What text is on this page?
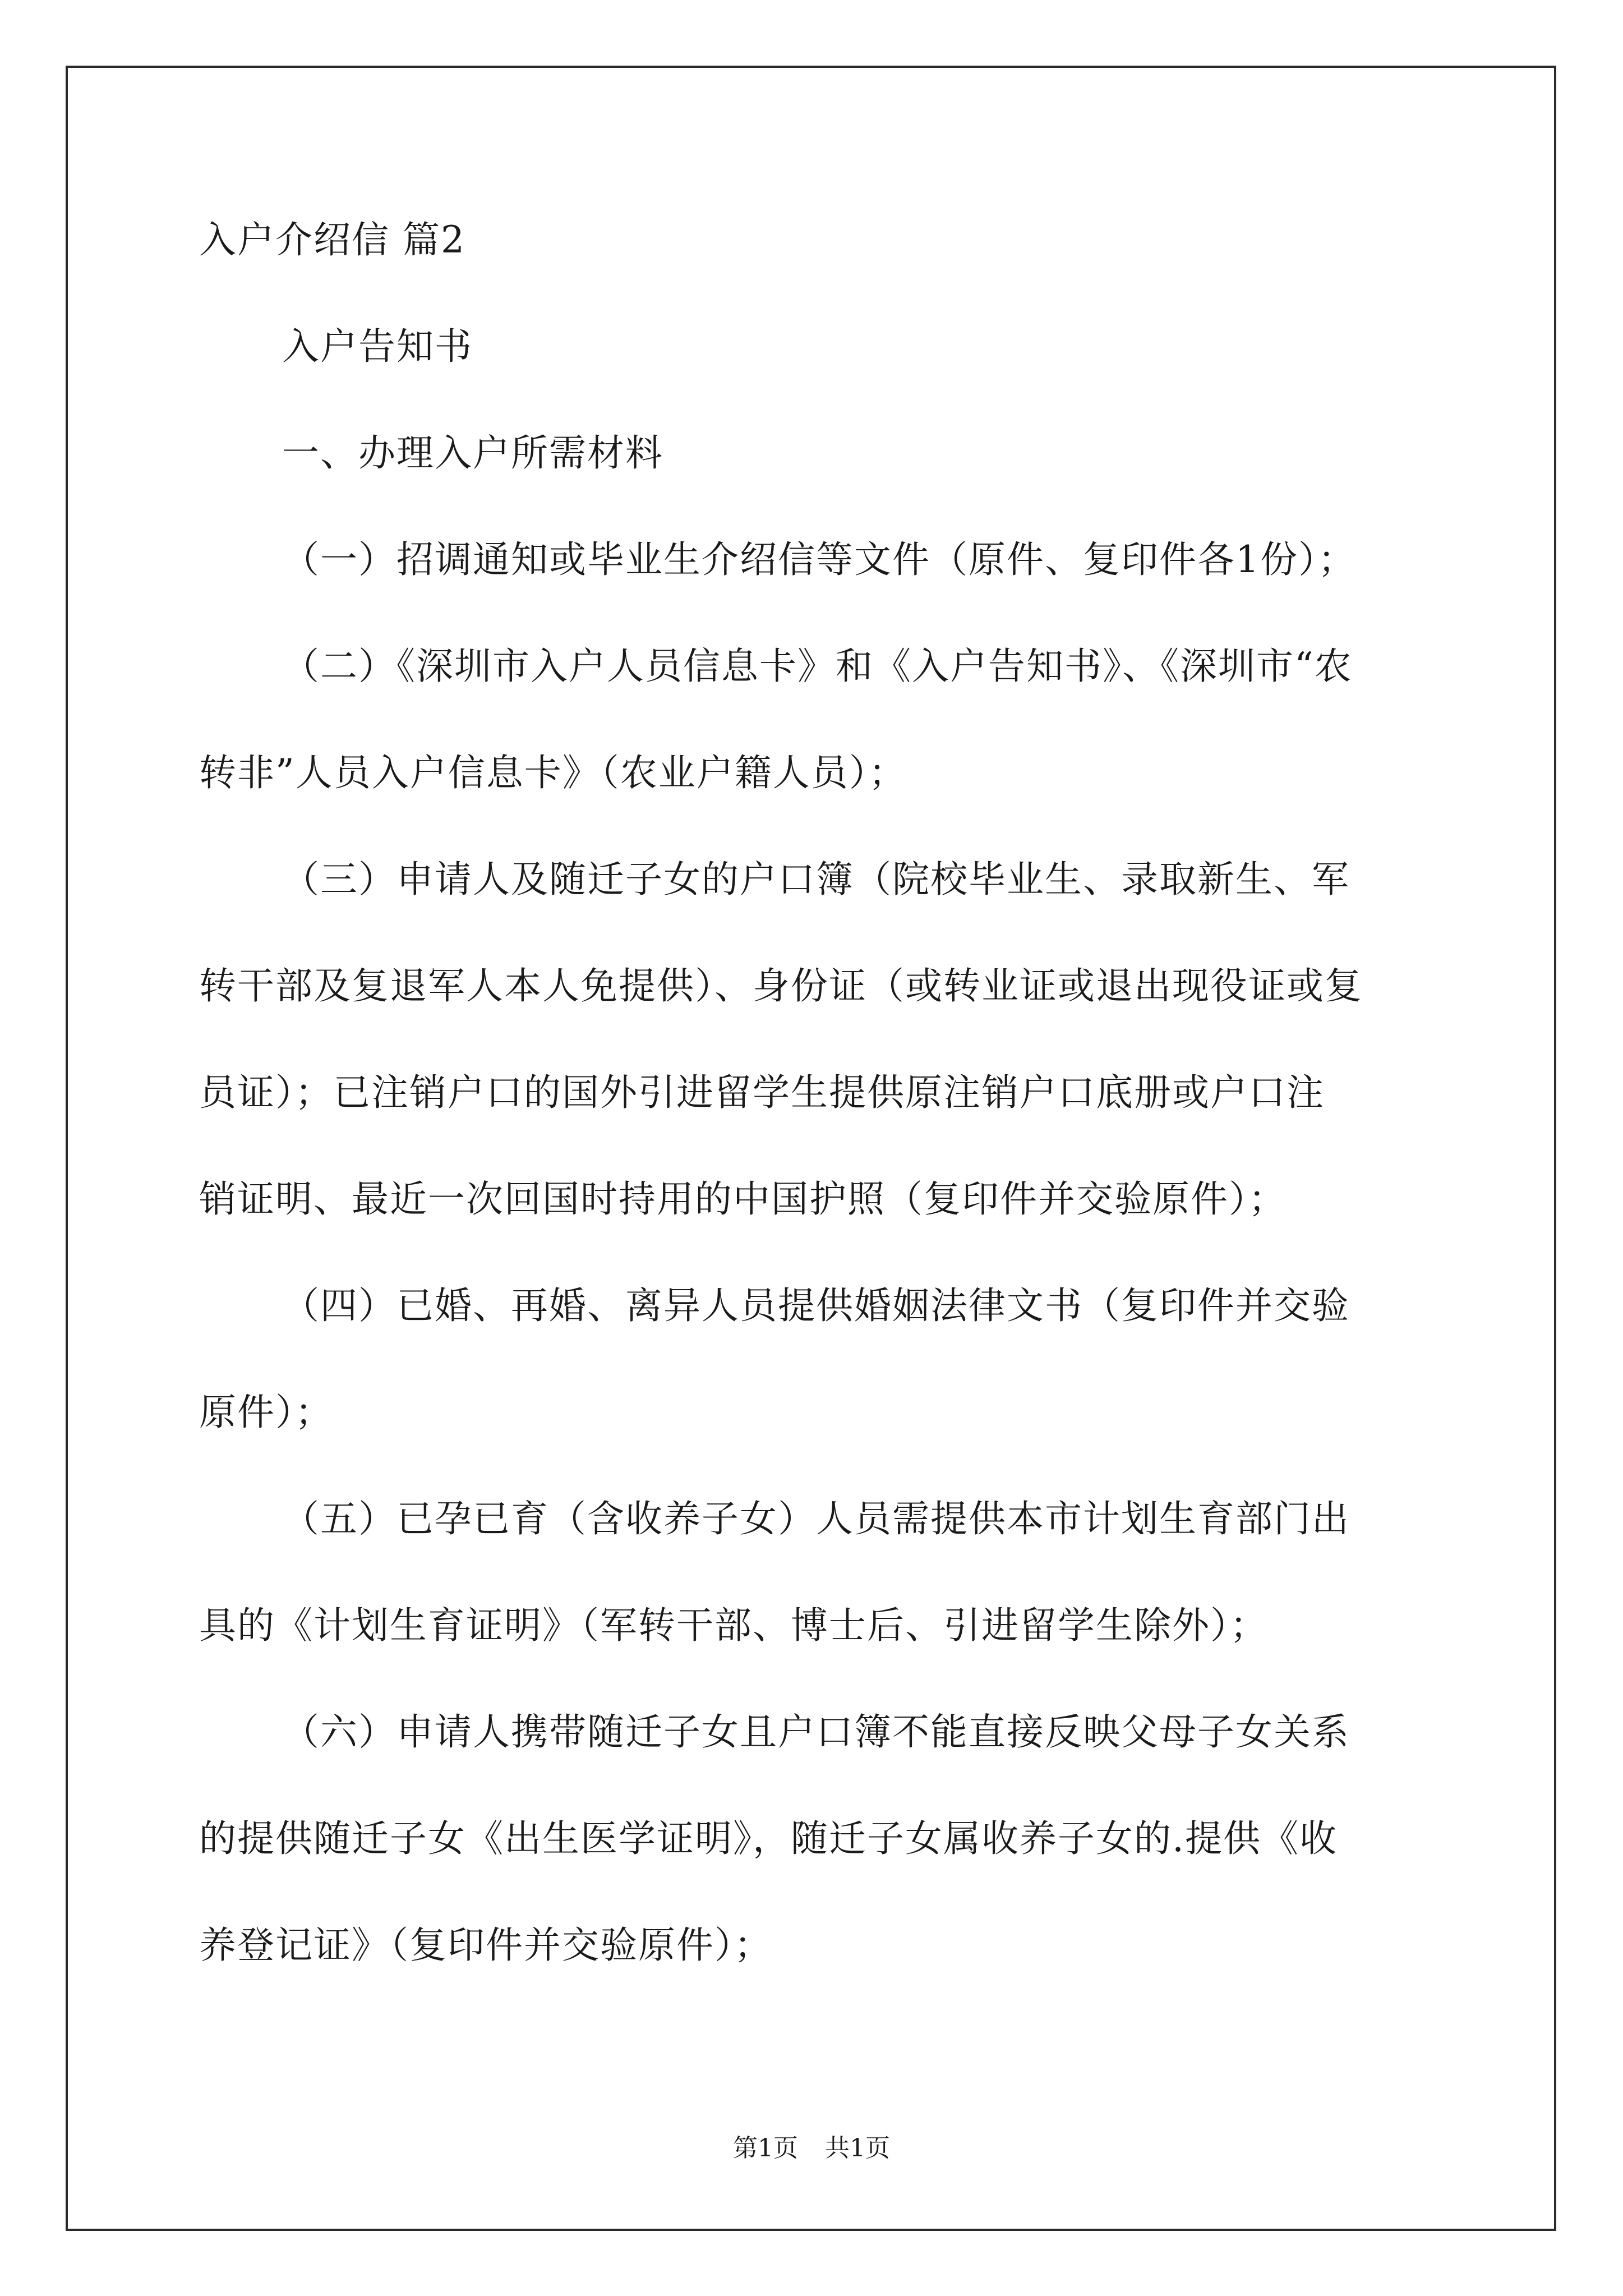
入户介绍信 篇2
入户告知书
一、办理入户所需材料
（一）招调通知或毕业生介绍信等文件（原件、复印件各1份）；
（二）《深圳市入户人员信息卡》和《入户告知书》、《深圳市“农
转非”人员入户信息卡》（农业户籍人员）；
（三）申请人及随迁子女的户口簿（院校毕业生、录取新生、军
转干部及复退军人本人免提供）、身份证（或转业证或退出现役证或复
员证）；已注销户口的国外引进留学生提供原注销户口底册或户口注
销证明、最近一次回国时持用的中国护照（复印件并交验原件）；
（四）已婚、再婚、离异人员提供婚姻法律文书（复印件并交验
原件）；
（五）已孕已育（含收养子女）人员需提供本市计划生育部门出
具的《计划生育证明》（军转干部、博士后、引进留学生除外）；
（六）申请人携带随迁子女且户口簿不能直接反映父母子女关系
的提供随迁子女《出生医学证明》，随迁子女属收养子女的.提供《收
养登记证》（复印件并交验原件）；
第1页 共1页
